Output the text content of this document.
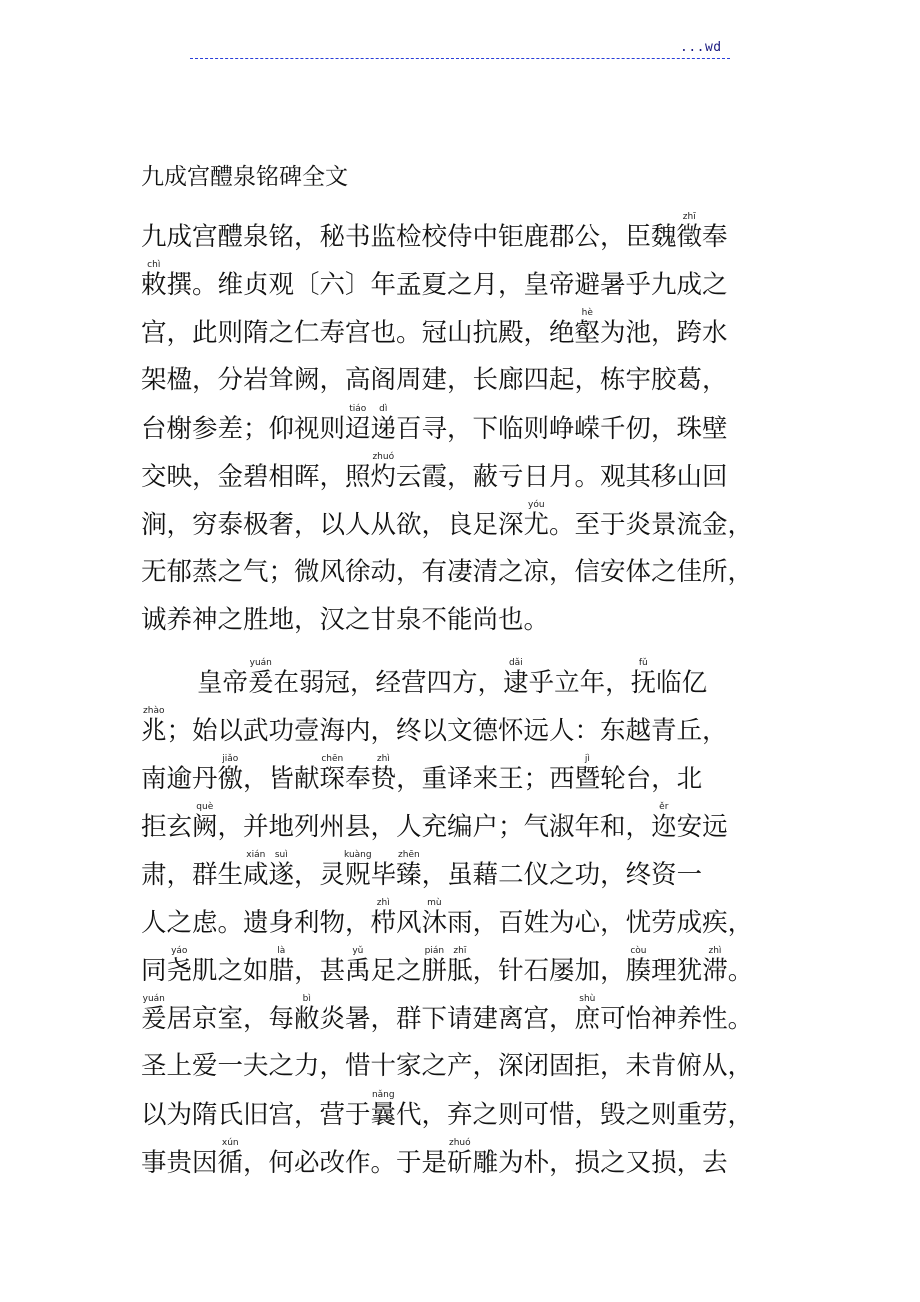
...wd
九成宫醴泉铭碑全文
九成宫醴泉铭，秘书监检校侍中钜鹿郡公，臣魏徵zhī奉
敕chì撰。维贞观〔六〕年孟夏之月，皇帝避暑乎九成之
宫，此则隋之仁寿宫也。冠山抗殿，绝壑hè为池，跨水
架楹，分岩耸阙，高阁周建，长廊四起，栋宇胶葛，
台榭参差；仰视则迢tiáo递dì百寻，下临则峥嵘千仞，珠壁
交映，金碧相晖，照灼zhuó云霞，蔽亏日月。观其移山回
涧，穷泰极奢，以人从欲，良足深尤yóu。至于炎景流金，
无郁蒸之气；微风徐动，有凄清之凉，信安体之佳所，
诚养神之胜地，汉之甘泉不能尚也。
皇帝爰yuán在弱冠，经营四方，逮dǎi乎立年，抚fǔ临亿
兆zhào；始以武功壹海内，终以文德怀远人：东越青丘，
南逾丹徼jiǎo，皆献琛chēn奉贽zhì，重译来王；西暨jì轮台，北
拒玄阙què，并地列州县，人充编户；气淑年和，迩ěr安远
肃，群生咸xián遂suì，灵贶kuàng毕臻zhēn，虽藉二仪之功，终资一
人之虑。遗身利物，栉zhì风沐mù雨，百姓为心，忧劳成疾，
同尧yáo肌之如腊là，甚禹yǔ足之胼pián胝zhī，针石屡加，腠còu理犹滞zhì。
爰yuán居京室，每敝bì炎暑，群下请建离宫，庶shù可怡神养性。
圣上爱一夫之力，惜十家之产，深闭固拒，未肯俯从，
以为隋氏旧宫，营于曩nǎng代，弃之则可惜，毁之则重劳，
事贵因循xún，何必改作。于是斫zhuó雕为朴，损之又损，去
